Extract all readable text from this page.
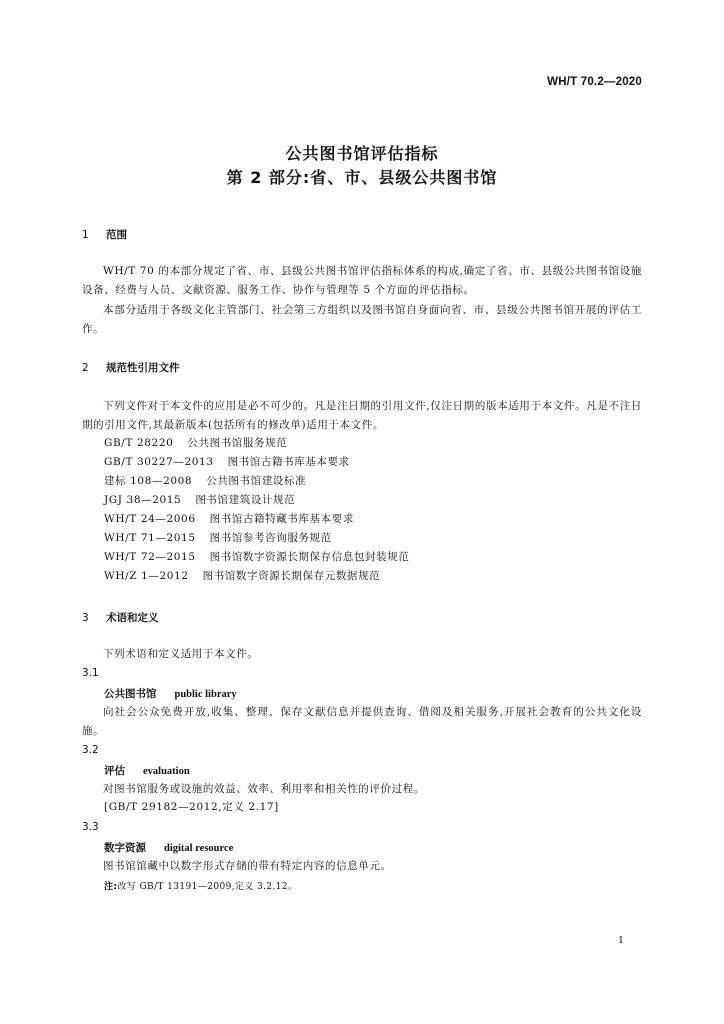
WH/T 70.2—2020
公共图书馆评估指标
第 2 部分:省、市、县级公共图书馆
1 范围
WH/T 70 的本部分规定了省、市、县级公共图书馆评估指标体系的构成,确定了省、市、县级公共图书馆设施设备、经费与人员、文献资源、服务工作、协作与管理等 5 个方面的评估指标。
本部分适用于各级文化主管部门、社会第三方组织以及图书馆自身面向省、市、县级公共图书馆开展的评估工作。
2 规范性引用文件
下列文件对于本文件的应用是必不可少的。凡是注日期的引用文件,仅注日期的版本适用于本文件。凡是不注日期的引用文件,其最新版本(包括所有的修改单)适用于本文件。
GB/T 28220 公共图书馆服务规范
GB/T 30227—2013 图书馆古籍书库基本要求
建标 108—2008 公共图书馆建设标准
JGJ 38—2015 图书馆建筑设计规范
WH/T 24—2006 图书馆古籍特藏书库基本要求
WH/T 71—2015 图书馆参考咨询服务规范
WH/T 72—2015 图书馆数字资源长期保存信息包封装规范
WH/Z 1—2012 图书馆数字资源长期保存元数据规范
3 术语和定义
下列术语和定义适用于本文件。
3.1
公共图书馆 public library
向社会公众免费开放,收集、整理、保存文献信息并提供查询、借阅及相关服务,开展社会教育的公共文化设施。
3.2
评估 evaluation
对图书馆服务或设施的效益、效率、利用率和相关性的评价过程。
[GB/T 29182—2012,定义 2.17]
3.3
数字资源 digital resource
图书馆馆藏中以数字形式存储的带有特定内容的信息单元。
注:改写 GB/T 13191—2009,定义 3.2.12。
1
